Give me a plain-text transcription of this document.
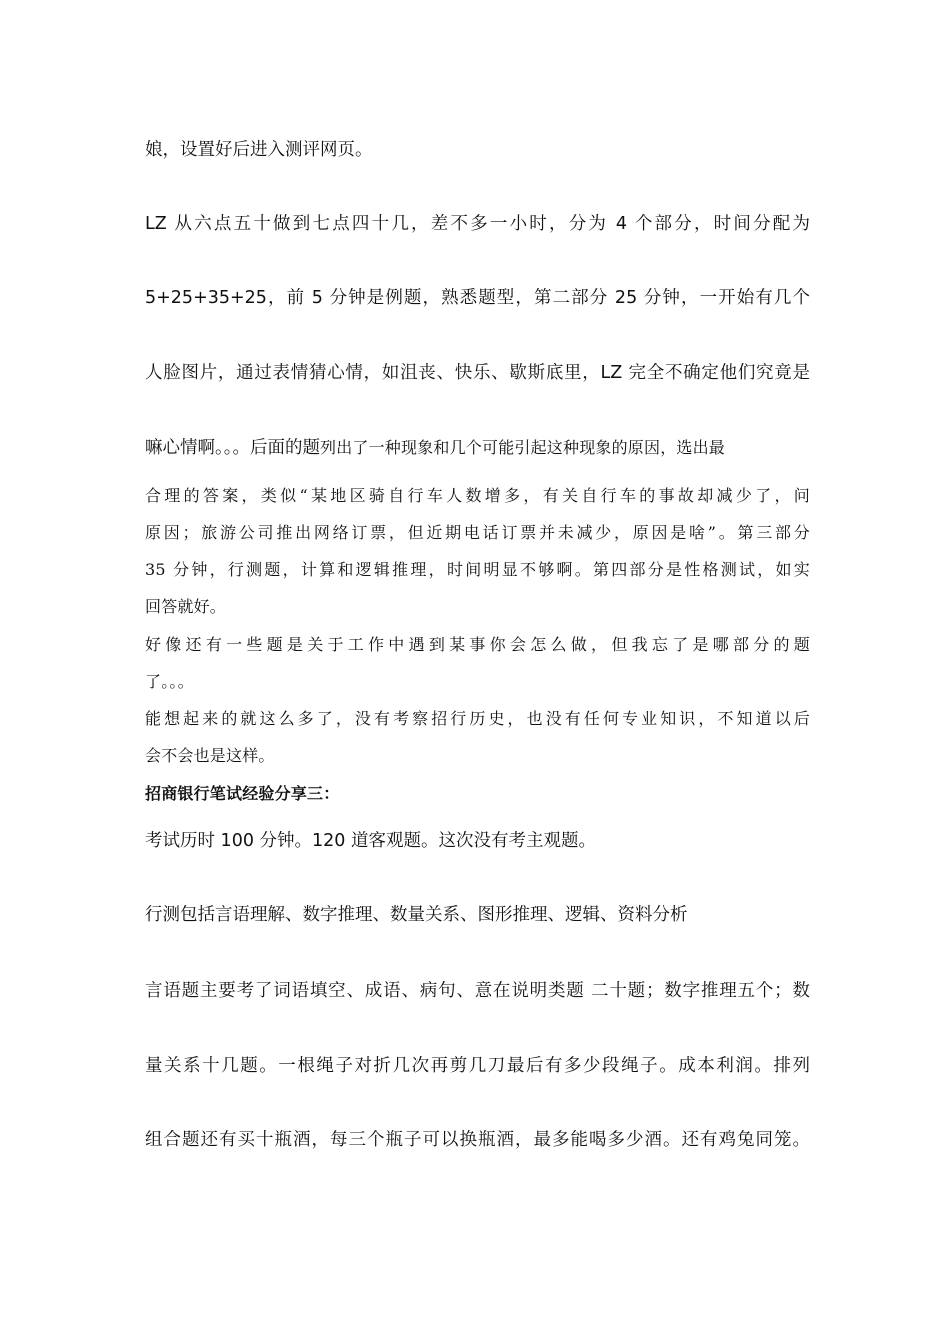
娘，设置好后进入测评网页。
LZ 从六点五十做到七点四十几，差不多一小时，分为 4 个部分，时间分配为
5+25+35+25，前 5 分钟是例题，熟悉题型，第二部分 25 分钟，一开始有几个
人脸图片，通过表情猜心情，如沮丧、快乐、歇斯底里，LZ 完全不确定他们究竟是
嘛心情啊。。。后面的题列出了一种现象和几个可能引起这种现象的原因，选出最
合理的答案，类似“某地区骑自行车人数增多，有关自行车的事故却减少了，问
原因；旅游公司推出网络订票，但近期电话订票并未减少，原因是啥”。第三部分
35 分钟，行测题，计算和逻辑推理，时间明显不够啊。第四部分是性格测试，如实
回答就好。
好像还有一些题是关于工作中遇到某事你会怎么做，但我忘了是哪部分的题
了。。。
能想起来的就这么多了，没有考察招行历史，也没有任何专业知识，不知道以后
会不会也是这样。
招商银行笔试经验分享三：
考试历时 100 分钟。120 道客观题。这次没有考主观题。
行测包括言语理解、数字推理、数量关系、图形推理、逻辑、资料分析
言语题主要考了词语填空、成语、病句、意在说明类题 二十题；数字推理五个；数
量关系十几题。一根绳子对折几次再剪几刀最后有多少段绳子。成本利润。排列
组合题还有买十瓶酒，每三个瓶子可以换瓶酒，最多能喝多少酒。还有鸡兔同笼。
